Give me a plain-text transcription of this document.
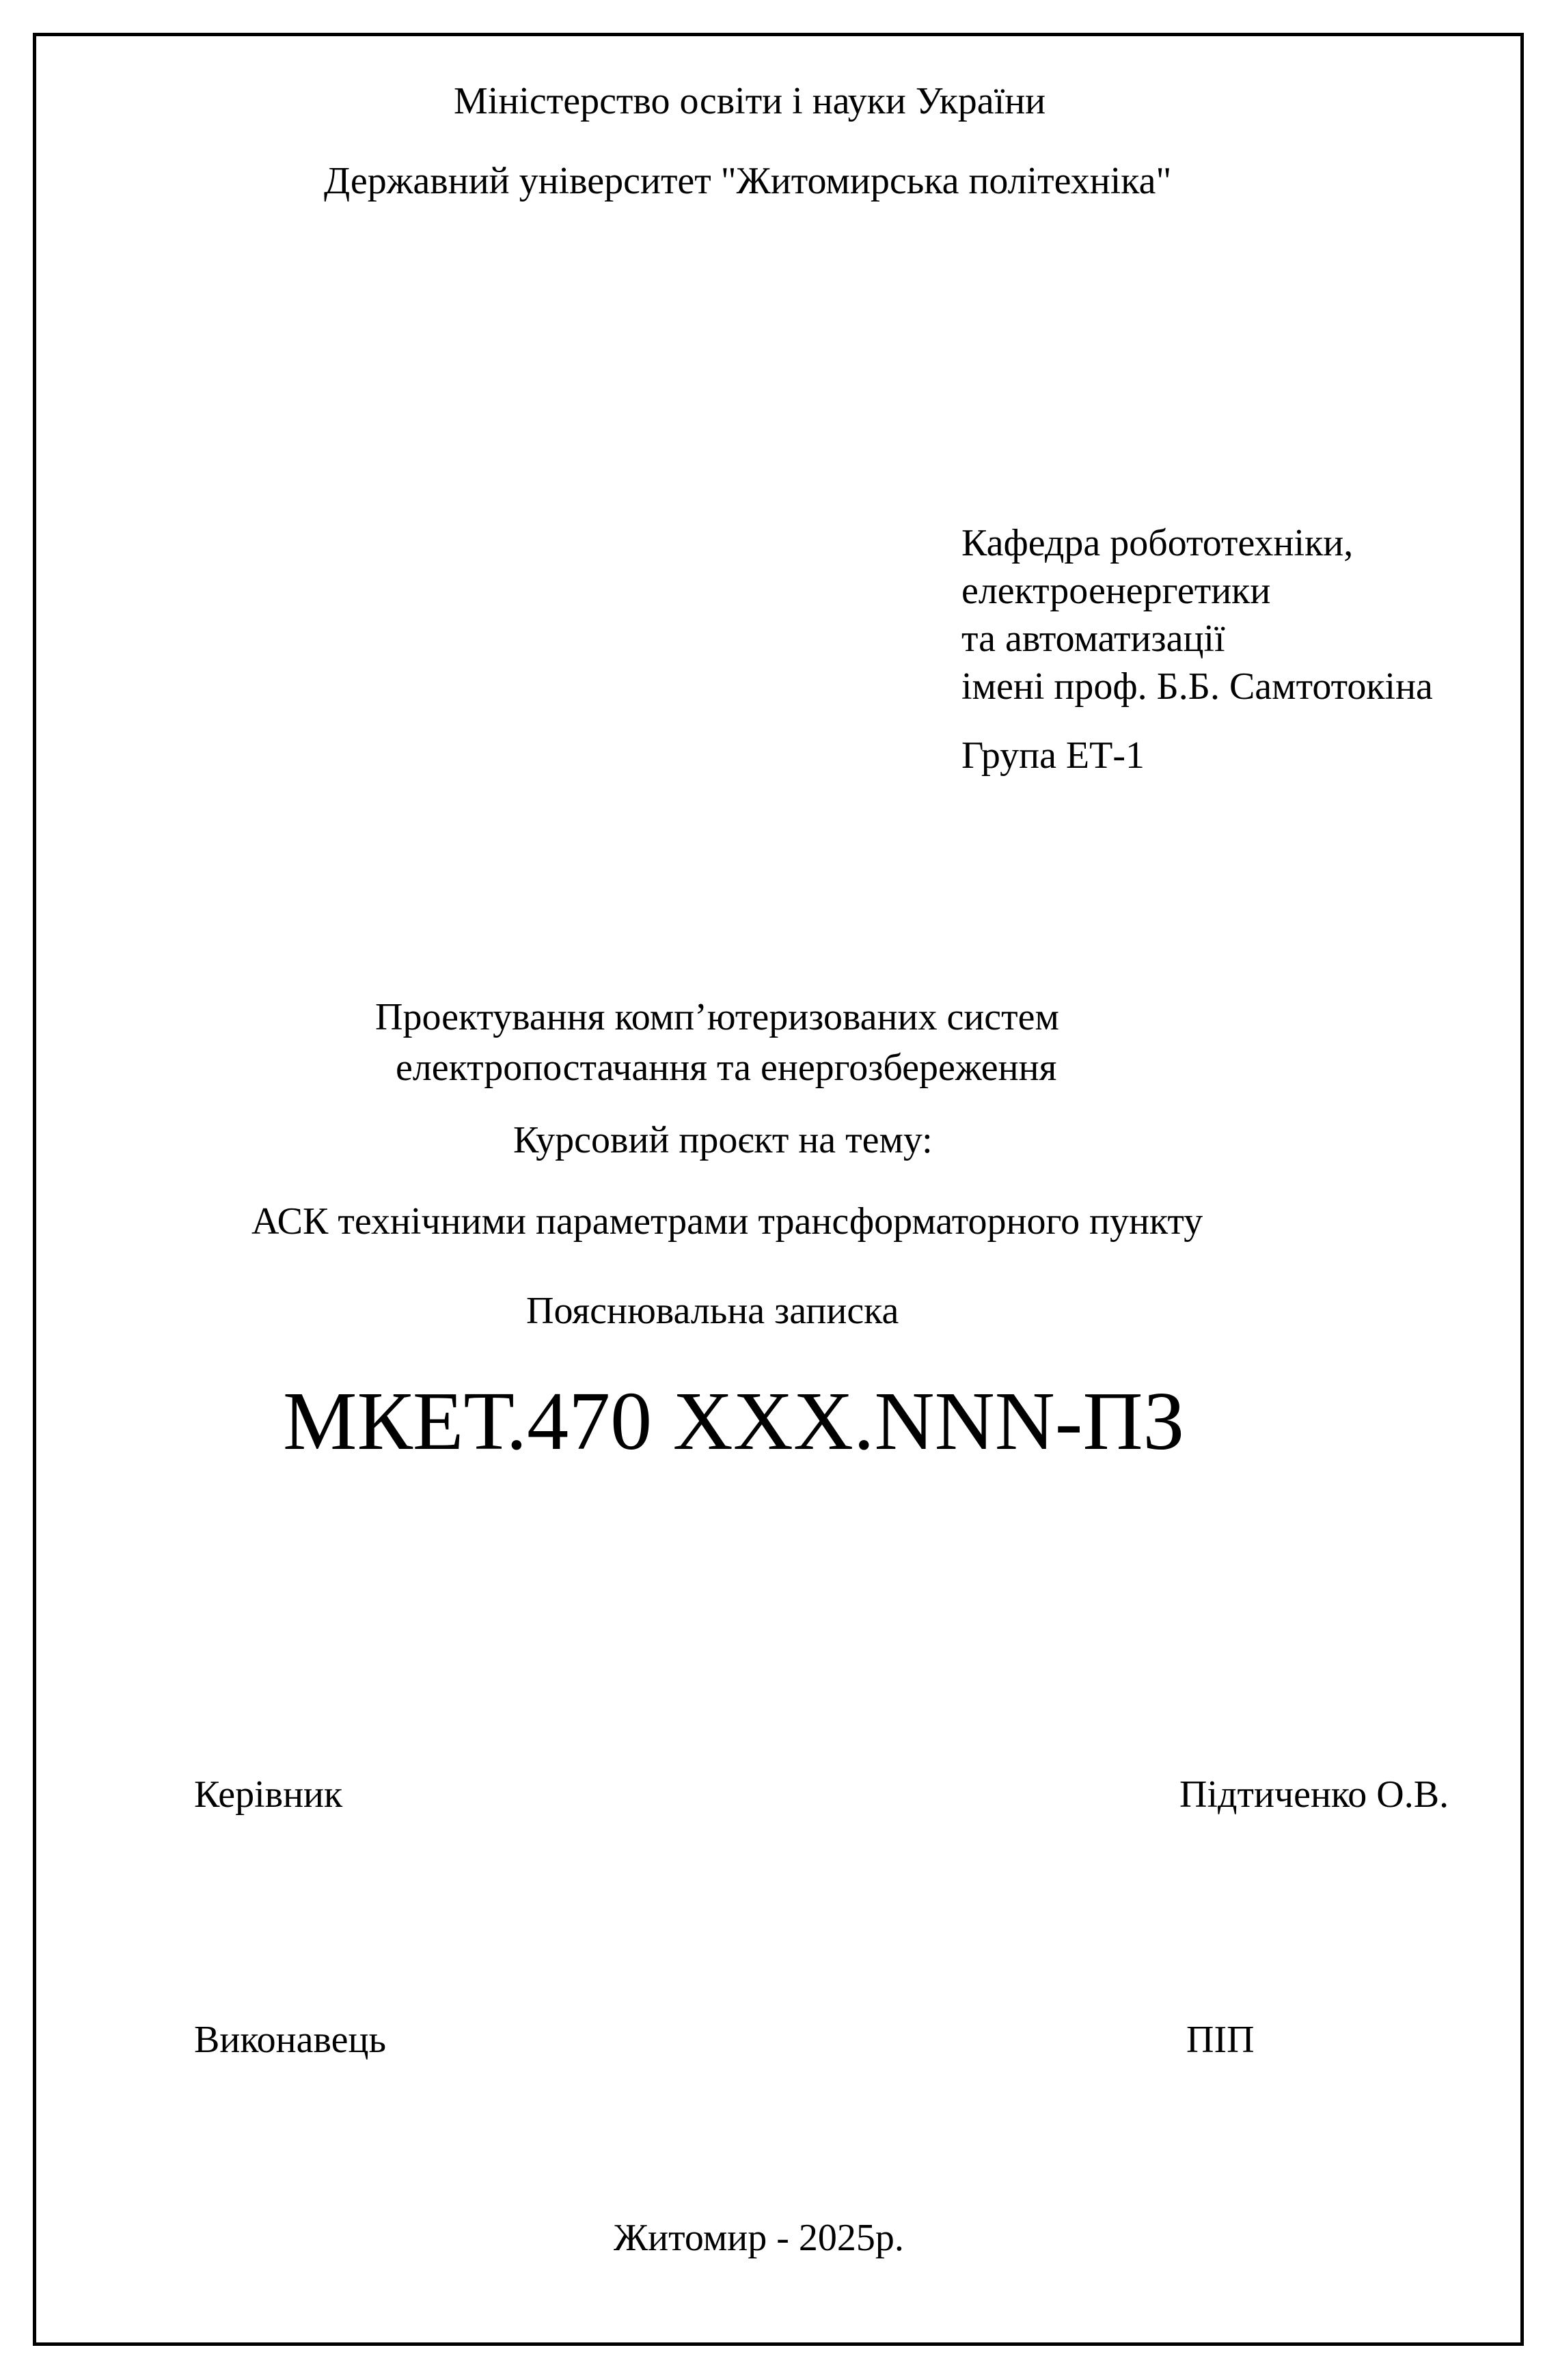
Міністерство освіти і науки України
Державний університет "Житомирська політехніка"
Кафедра робототехніки,
електроенергетики
та автоматизації
імені проф. Б.Б. Самтотокіна
Група ЕТ-1
Проектування комп’ютеризованих систем
електропостачання та енергозбереження
Курсовий проєкт на тему:
АСК технічними параметрами трансформаторного пункту
Пояснювальна записка
МКЕТ.470 XXX.NNN-ПЗ
Керівник	Підтиченко О.В.
Виконавець	ПІП
Житомир - 2025р.
